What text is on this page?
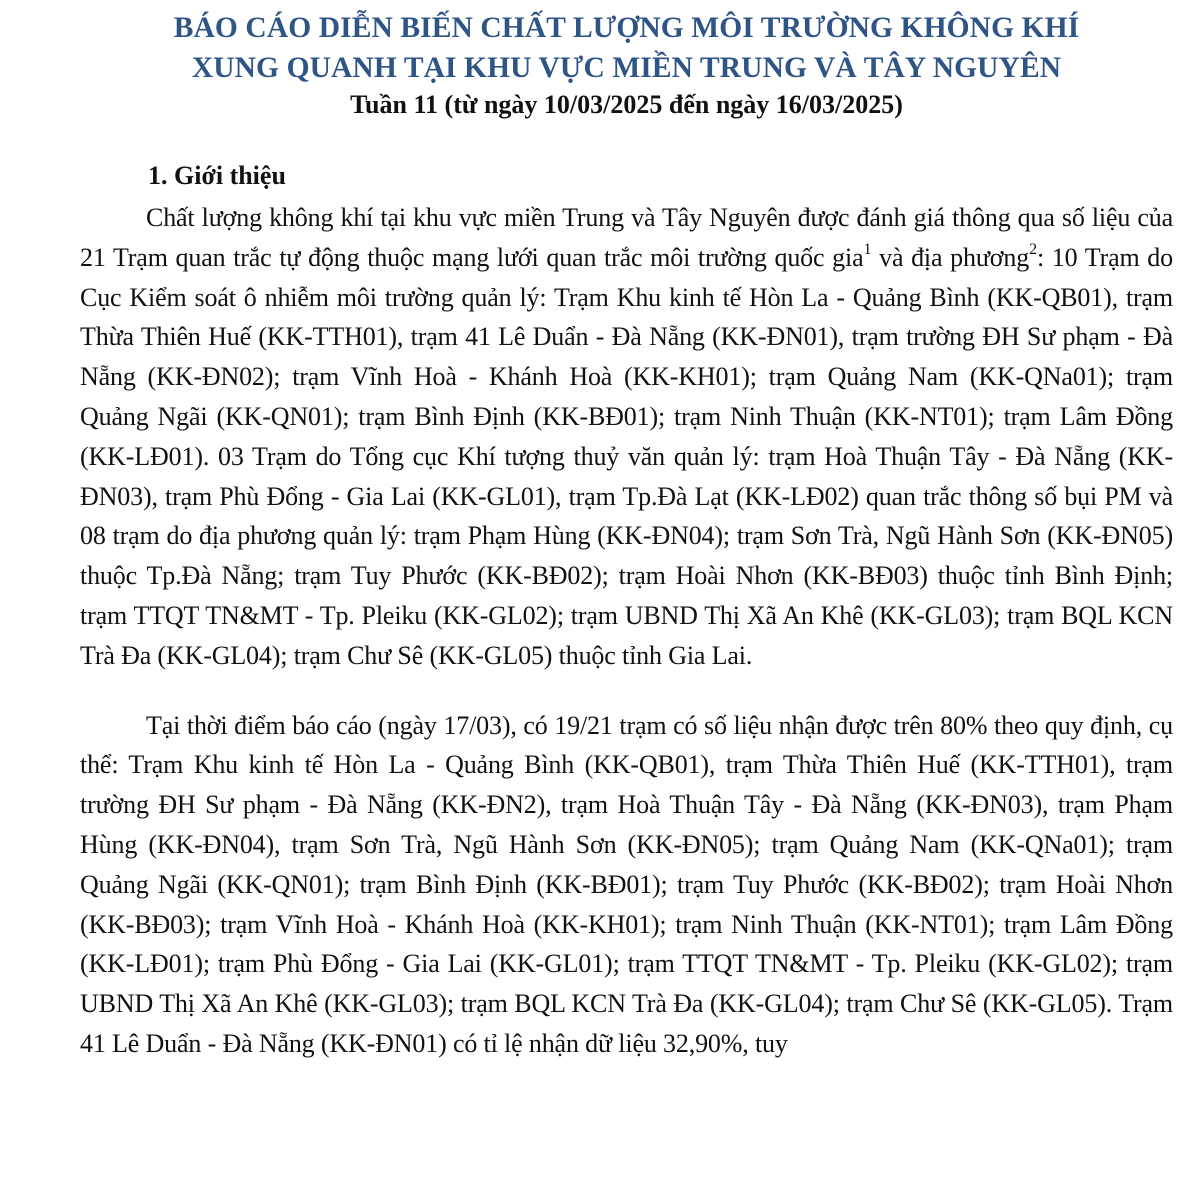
BÁO CÁO DIỄN BIẾN CHẤT LƯỢNG MÔI TRƯỜNG KHÔNG KHÍ
XUNG QUANH TẠI KHU VỰC MIỀN TRUNG VÀ TÂY NGUYÊN
Tuần 11 (từ ngày 10/03/2025 đến ngày 16/03/2025)
1. Giới thiệu

Chất lượng không khí tại khu vực miền Trung và Tây Nguyên được đánh giá thông qua số liệu của 21 Trạm quan trắc tự động thuộc mạng lưới quan trắc môi trường quốc gia$^1$ và địa phương$^2$: 10 Trạm do Cục Kiểm soát ô nhiễm môi trường quản lý: Trạm Khu kinh tế Hòn La - Quảng Bình (KK-QB01), trạm Thừa Thiên Huế (KK-TTH01), trạm 41 Lê Duẩn - Đà Nẵng (KK-ĐN01), trạm trường ĐH Sư phạm - Đà Nẵng (KK-ĐN02); trạm Vĩnh Hoà - Khánh Hoà (KK-KH01); trạm Quảng Nam (KK-QNa01); trạm Quảng Ngãi (KK-QN01); trạm Bình Định (KK-BĐ01); trạm Ninh Thuận (KK-NT01); trạm Lâm Đồng (KK-LĐ01). 03 Trạm do Tổng cục Khí tượng thuỷ văn quản lý: trạm Hoà Thuận Tây - Đà Nẵng (KK-ĐN03), trạm Phù Đổng - Gia Lai (KK-GL01), trạm Tp.Đà Lạt (KK-LĐ02) quan trắc thông số bụi PM và 08 trạm do địa phương quản lý: trạm Phạm Hùng (KK-ĐN04); trạm Sơn Trà, Ngũ Hành Sơn (KK-ĐN05) thuộc Tp.Đà Nẵng; trạm Tuy Phước (KK-BĐ02); trạm Hoài Nhơn (KK-BĐ03) thuộc tỉnh Bình Định; trạm TTQT TN&MT - Tp. Pleiku (KK-GL02); trạm UBND Thị Xã An Khê (KK-GL03); trạm BQL KCN Trà Đa (KK-GL04); trạm Chư Sê (KK-GL05) thuộc tỉnh Gia Lai.

Tại thời điểm báo cáo (ngày 17/03), có 19/21 trạm có số liệu nhận được trên 80% theo quy định, cụ thể: Trạm Khu kinh tế Hòn La - Quảng Bình (KK-QB01), trạm Thừa Thiên Huế (KK-TTH01), trạm trường ĐH Sư phạm - Đà Nẵng (KK-ĐN2), trạm Hoà Thuận Tây - Đà Nẵng (KK-ĐN03), trạm Phạm Hùng (KK-ĐN04), trạm Sơn Trà, Ngũ Hành Sơn (KK-ĐN05); trạm Quảng Nam (KK-QNa01); trạm Quảng Ngãi (KK-QN01); trạm Bình Định (KK-BĐ01); trạm Tuy Phước (KK-BĐ02); trạm Hoài Nhơn (KK-BĐ03); trạm Vĩnh Hoà - Khánh Hoà (KK-KH01); trạm Ninh Thuận (KK-NT01); trạm Lâm Đồng (KK-LĐ01); trạm Phù Đổng - Gia Lai (KK-GL01); trạm TTQT TN&MT - Tp. Pleiku (KK-GL02); trạm UBND Thị Xã An Khê (KK-GL03); trạm BQL KCN Trà Đa (KK-GL04); trạm Chư Sê (KK-GL05). Trạm 41 Lê Duẩn - Đà Nẵng (KK-ĐN01) có tỉ lệ nhận dữ liệu 32,90%, tuy
